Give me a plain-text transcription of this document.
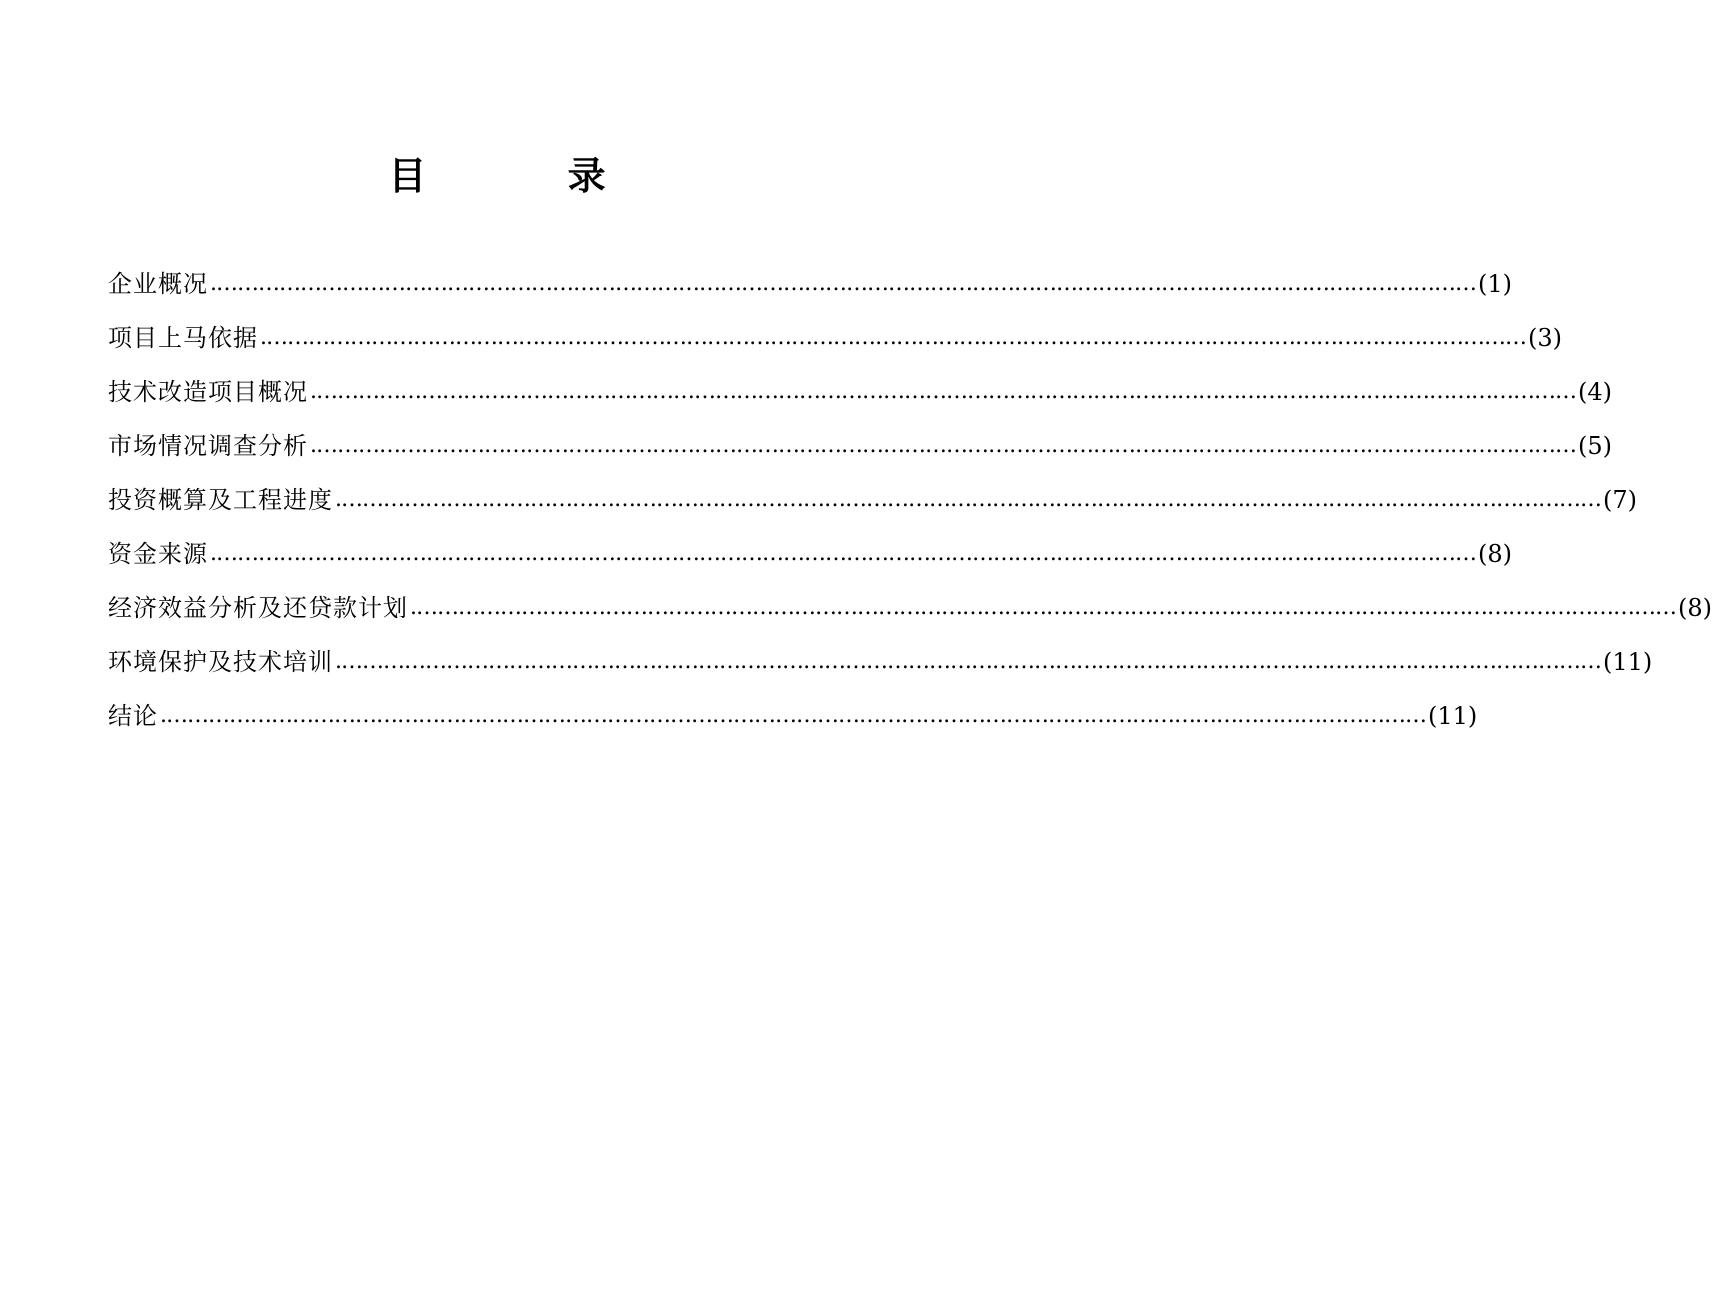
目 录
企业概况 ………………………………………………………………………………………………………………………………………………………………. (1)
项目上马依据 ………………………………………………………………………………………………………………………………………………………………. (3)
技术改造项目概况 ………………………………………………………………………………………………………………………………………………………………. (4)
市场情况调查分析 ………………………………………………………………………………………………………………………………………………………………. (5)
投资概算及工程进度 ………………………………………………………………………………………………………………………………………………………………. (7)
资金来源 ………………………………………………………………………………………………………………………………………………………………. (8)
经济效益分析及还贷款计划 ………………………………………………………………………………………………………………………………………………………………. (8)
环境保护及技术培训 ………………………………………………………………………………………………………………………………………………………………. (11)
结论 ………………………………………………………………………………………………………………………………………………………………. (11)
